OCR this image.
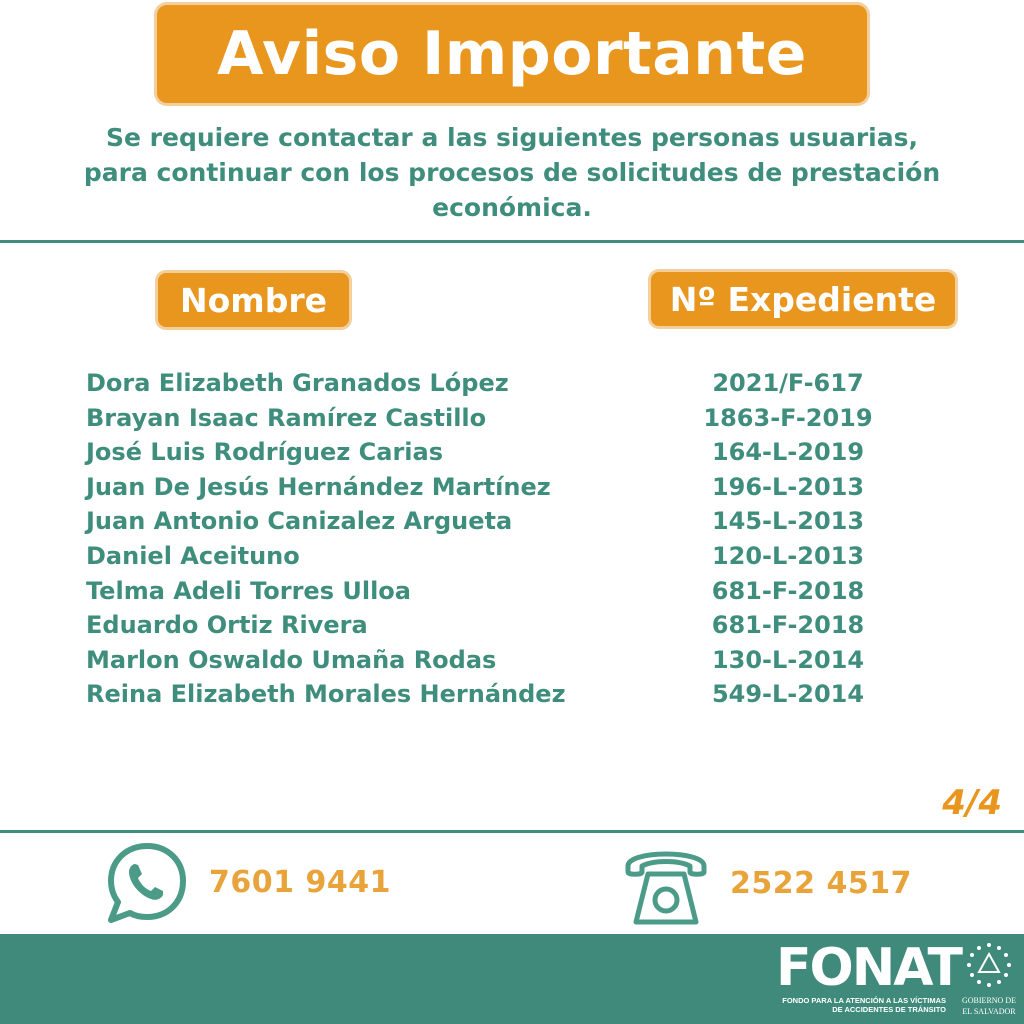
Aviso Importante
Se requiere contactar a las siguientes personas usuarias,
para continuar con los procesos de solicitudes de prestación
económica.
Nombre	Nº Expediente
Dora Elizabeth Granados López
Brayan Isaac Ramírez Castillo
José Luis Rodríguez Carias
Juan De Jesús Hernández Martínez
Juan Antonio Canizalez Argueta
Daniel Aceituno
Telma Adeli Torres Ulloa
Eduardo Ortiz Rivera
Marlon Oswaldo Umaña Rodas
Reina Elizabeth Morales Hernández
2021/F-617
1863-F-2019
164-L-2019
196-L-2013
145-L-2013
120-L-2013
681-F-2018
681-F-2018
130-L-2014
549-L-2014
4/4
7601 9441	2522 4517
FONAT
FONDO PARA LA ATENCIÓN A LAS VÍCTIMAS
DE ACCIDENTES DE TRÁNSITO
GOBIERNO DE
EL SALVADOR
